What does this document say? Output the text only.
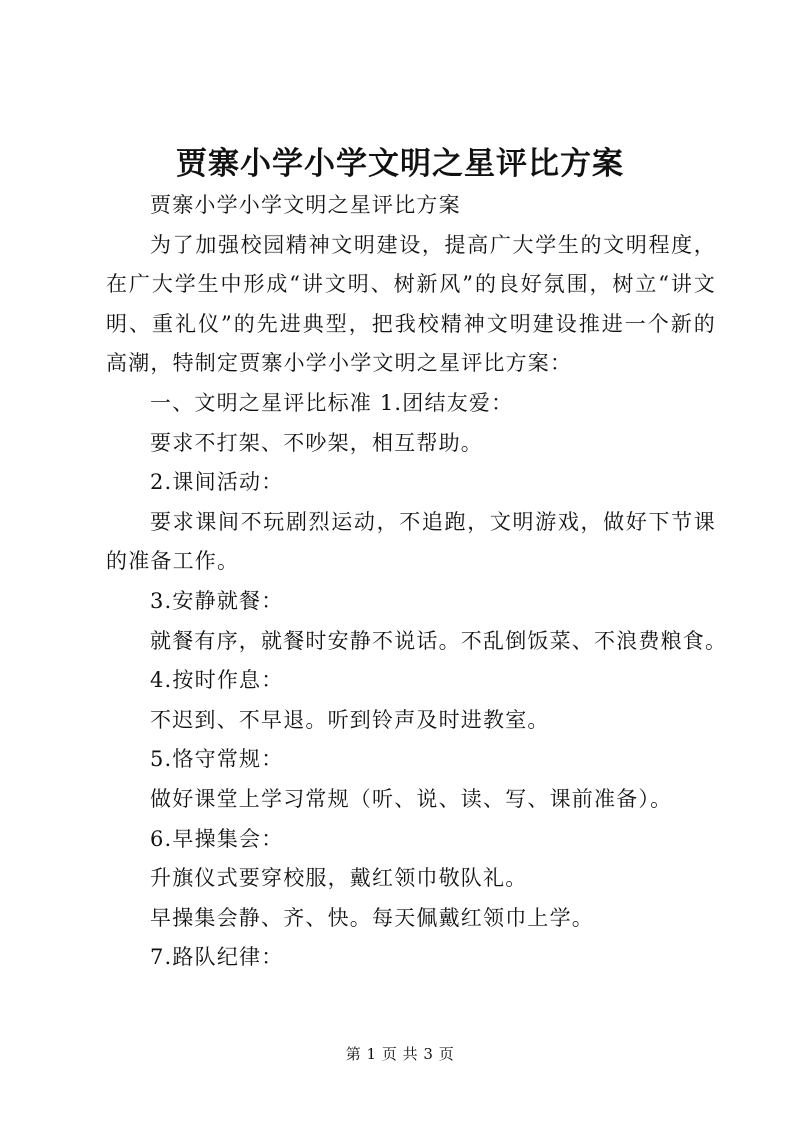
贾寨小学小学文明之星评比方案

贾寨小学小学文明之星评比方案

为了加强校园精神文明建设，提高广大学生的文明程度，在广大学生中形成“讲文明、树新风”的良好氛围，树立“讲文明、重礼仪”的先进典型，把我校精神文明建设推进一个新的高潮，特制定贾寨小学小学文明之星评比方案：

一、文明之星评比标准 1.团结友爱：

要求不打架、不吵架，相互帮助。

2.课间活动：

要求课间不玩剧烈运动，不追跑，文明游戏，做好下节课的准备工作。

3.安静就餐：

就餐有序，就餐时安静不说话。不乱倒饭菜、不浪费粮食。

4.按时作息：

不迟到、不早退。听到铃声及时进教室。

5.恪守常规：

做好课堂上学习常规（听、说、读、写、课前准备）。

6.早操集会：

升旗仪式要穿校服，戴红领巾敬队礼。

早操集会静、齐、快。每天佩戴红领巾上学。

7.路队纪律：

第 1 页 共 3 页
